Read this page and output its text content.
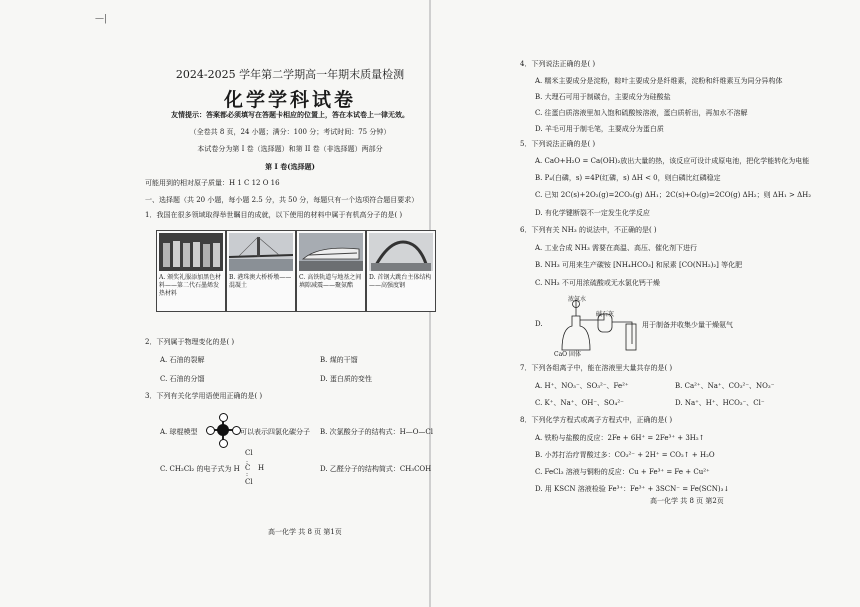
—|
2024-2025 学年第二学期高一年期末质量检测
化学学科试卷
友情提示：答案都必须填写在答题卡相应的位置上，答在本试卷上一律无效。
（全卷共 8 页，24 小题；满分：100 分；考试时间：75 分钟）
本试卷分为第 I 卷（选择题）和第 II 卷（非选择题）两部分
第 I 卷(选择题)
可能用到的相对原子质量：H 1 C 12 O 16
一、选择题（共 20 小题，每小题 2.5 分，共 50 分，每题只有一个选项符合题目要求）
1．我国在很多领域取得举世瞩目的成就，以下使用的材料中属于有机高分子的是( )
A. 颁奖礼服添加黑色材料——第二代石墨烯发热材料
B. 港珠澳大桥桥墩——混凝土
C. 高铁轨道与地基之间填隙减震——聚氨酯
D. 首钢大跳台主体结构——高强度钢
2．下列属于物理变化的是( )
A. 石油的裂解	B. 煤的干馏
C. 石油的分馏	D. 蛋白质的变性
3．下列有关化学用语使用正确的是( )
A. 球棍模型	可以表示四氯化碳分子 B. 次氯酸分子的结构式：H—O—Cl
C. CH₂Cl₂ 的电子式为 H
Cl
:
C
:
H
Cl
D. 乙醛分子的结构简式：CH₃COH
高一化学 共 8 页 第1页
4．下列说法正确的是( )
A. 糯米主要成分是淀粉，粽叶主要成分是纤维素，淀粉和纤维素互为同分异构体
B. 大理石可用于制碳台，主要成分为硅酸盐
C. 往蛋白质溶液里加入饱和硫酸铵溶液，蛋白质析出，再加水不溶解
D. 羊毛可用于制毛笔，主要成分为蛋白质
5．下列说法正确的是( )
A. CaO+H₂O = Ca(OH)₂放出大量的热，该反应可设计成原电池，把化学能转化为电能
B. P₄(白磷，s) =4P(红磷，s) ΔH < 0，则白磷比红磷稳定
C. 已知 2C(s)+2O₂(g)=2CO₂(g) ΔH₁；2C(s)+O₂(g)=2CO(g) ΔH₂；则 ΔH₁ > ΔH₂
D. 有化学键断裂不一定发生化学反应
6．下列有关 NH₃ 的说法中，不正确的是( )
A. 工业合成 NH₃ 需要在高温、高压、催化剂下进行
B. NH₃ 可用来生产碳铵 [NH₄HCO₃] 和尿素 [CO(NH₂)₂] 等化肥
C. NH₃ 不可用浓硫酸或无水氯化钙干燥
D.
浓氨水
碱石灰
CaO 固体
用于制备并收集少量干燥氨气
7．下列各组离子中，能在溶液里大量共存的是( )
A. H⁺、NO₃⁻、SO₃²⁻、Fe²⁺	B. Ca²⁺、Na⁺、CO₃²⁻、NO₃⁻
C. K⁺、Na⁺、OH⁻、SO₄²⁻	D. Na⁺、H⁺、HCO₃⁻、Cl⁻
8．下列化学方程式或离子方程式中，正确的是( )
A. 铁粉与盐酸的反应：2Fe + 6H⁺ = 2Fe³⁺ + 3H₂↑
B. 小苏打治疗胃酸过多：CO₃²⁻ + 2H⁺ = CO₂↑ + H₂O
C. FeCl₃ 溶液与铜粉的反应：Cu + Fe³⁺ = Fe + Cu²⁺
D. 用 KSCN 溶液检验 Fe³⁺：Fe³⁺ + 3SCN⁻ = Fe(SCN)₃↓
高一化学 共 8 页 第2页
